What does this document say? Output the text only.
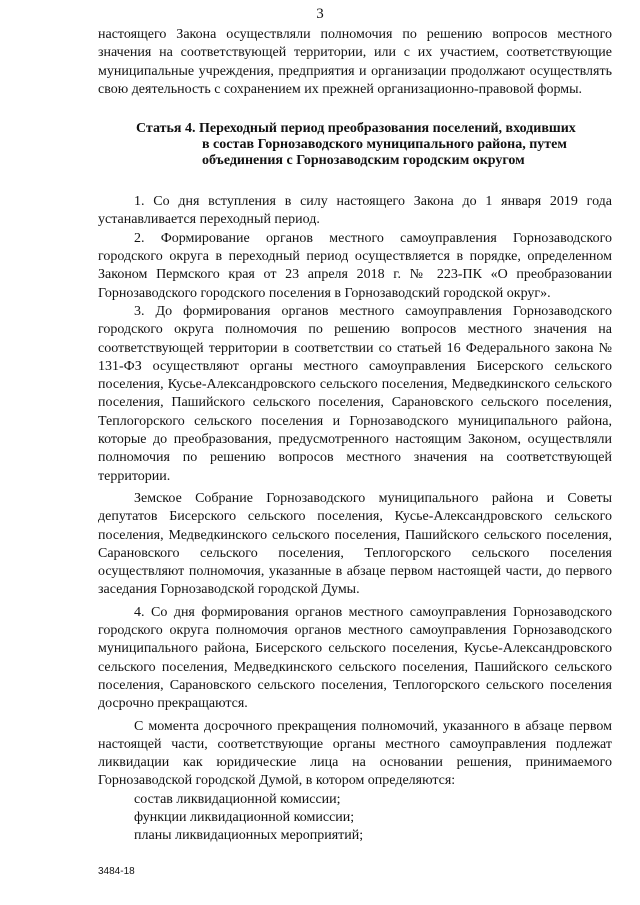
3

настоящего Закона осуществляли полномочия по решению вопросов местного значения на соответствующей территории, или с их участием, соответствующие муниципальные учреждения, предприятия и организации продолжают осуществлять свою деятельность с сохранением их прежней организационно-правовой формы.

Статья 4. Переходный период преобразования поселений, входивших
в состав Горнозаводского муниципального района, путем
объединения с Горнозаводским городским округом

1. Со дня вступления в силу настоящего Закона до 1 января 2019 года устанавливается переходный период.

2. Формирование органов местного самоуправления Горнозаводского городского округа в переходный период осуществляется в порядке, определенном Законом Пермского края от 23 апреля 2018 г. № 223-ПК «О преобразовании Горнозаводского городского поселения в Горнозаводский городской округ».

3. До формирования органов местного самоуправления Горнозаводского городского округа полномочия по решению вопросов местного значения на соответствующей территории в соответствии со статьей 16 Федерального закона № 131-ФЗ осуществляют органы местного самоуправления Бисерского сельского поселения, Кусье-Александровского сельского поселения, Медведкинского сельского поселения, Пашийского сельского поселения, Сарановского сельского поселения, Теплогорского сельского поселения и Горнозаводского муниципального района, которые до преобразования, предусмотренного настоящим Законом, осуществляли полномочия по решению вопросов местного значения на соответствующей территории.

Земское Собрание Горнозаводского муниципального района и Советы депутатов Бисерского сельского поселения, Кусье-Александровского сельского поселения, Медведкинского сельского поселения, Пашийского сельского поселения, Сарановского сельского поселения, Теплогорского сельского поселения осуществляют полномочия, указанные в абзаце первом настоящей части, до первого заседания Горнозаводской городской Думы.

4. Со дня формирования органов местного самоуправления Горнозаводского городского округа полномочия органов местного самоуправления Горнозаводского муниципального района, Бисерского сельского поселения, Кусье-Александровского сельского поселения, Медведкинского сельского поселения, Пашийского сельского поселения, Сарановского сельского поселения, Теплогорского сельского поселения досрочно прекращаются.

С момента досрочного прекращения полномочий, указанного в абзаце первом настоящей части, соответствующие органы местного самоуправления подлежат ликвидации как юридические лица на основании решения, принимаемого Горнозаводской городской Думой, в котором определяются:

состав ликвидационной комиссии;

функции ликвидационной комиссии;

планы ликвидационных мероприятий;

3484-18
